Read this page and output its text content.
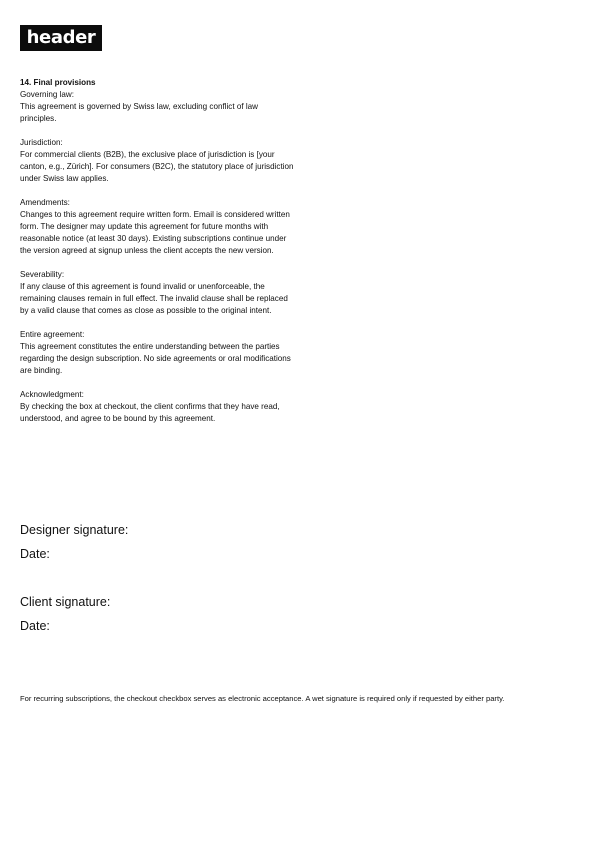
header

14. Final provisions

Governing law:

This agreement is governed by Swiss law, excluding conflict of law principles.

Jurisdiction:

For commercial clients (B2B), the exclusive place of jurisdiction is [your canton, e.g., Zürich]. For consumers (B2C), the statutory place of jurisdiction under Swiss law applies.

Amendments:

Changes to this agreement require written form. Email is considered written form. The designer may update this agreement for future months with reasonable notice (at least 30 days). Existing subscriptions continue under the version agreed at signup unless the client accepts the new version.

Severability:

If any clause of this agreement is found invalid or unenforceable, the remaining clauses remain in full effect. The invalid clause shall be replaced by a valid clause that comes as close as possible to the original intent.

Entire agreement:

This agreement constitutes the entire understanding between the parties regarding the design subscription. No side agreements or oral modifications are binding.

Acknowledgment:

By checking the box at checkout, the client confirms that they have read, understood, and agree to be bound by this agreement.

Designer signature:

Date:

Client signature:

Date:

For recurring subscriptions, the checkout checkbox serves as electronic acceptance. A wet signature is required only if requested by either party.
